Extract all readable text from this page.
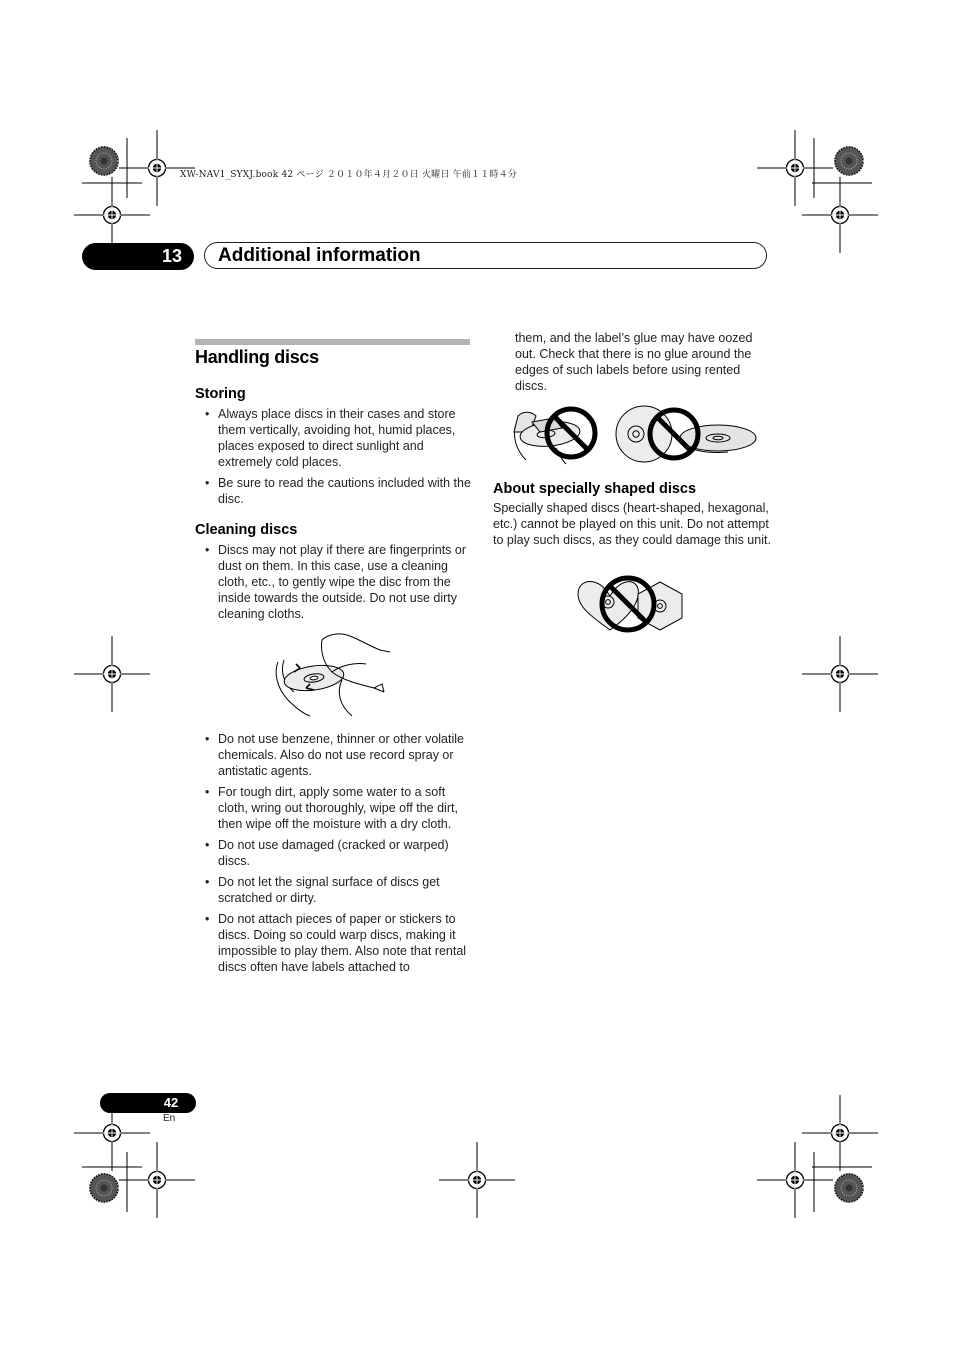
XW-NAV1_SYXJ.book 42 ページ ２０１０年４月２０日 火曜日 午前１１時４分
13	Additional information
Handling discs
Storing
• Always place discs in their cases and store them vertically, avoiding hot, humid places, places exposed to direct sunlight and extremely cold places.
• Be sure to read the cautions included with the disc.
Cleaning discs
• Discs may not play if there are fingerprints or dust on them. In this case, use a cleaning cloth, etc., to gently wipe the disc from the inside towards the outside. Do not use dirty cleaning cloths.
• Do not use benzene, thinner or other volatile chemicals. Also do not use record spray or antistatic agents.
• For tough dirt, apply some water to a soft cloth, wring out thoroughly, wipe off the dirt, then wipe off the moisture with a dry cloth.
• Do not use damaged (cracked or warped) discs.
• Do not let the signal surface of discs get scratched or dirty.
• Do not attach pieces of paper or stickers to discs. Doing so could warp discs, making it impossible to play them. Also note that rental discs often have labels attached to
them, and the label’s glue may have oozed out. Check that there is no glue around the edges of such labels before using rented discs.
About specially shaped discs
Specially shaped discs (heart-shaped, hexagonal, etc.) cannot be played on this unit. Do not attempt to play such discs, as they could damage this unit.
42
En
